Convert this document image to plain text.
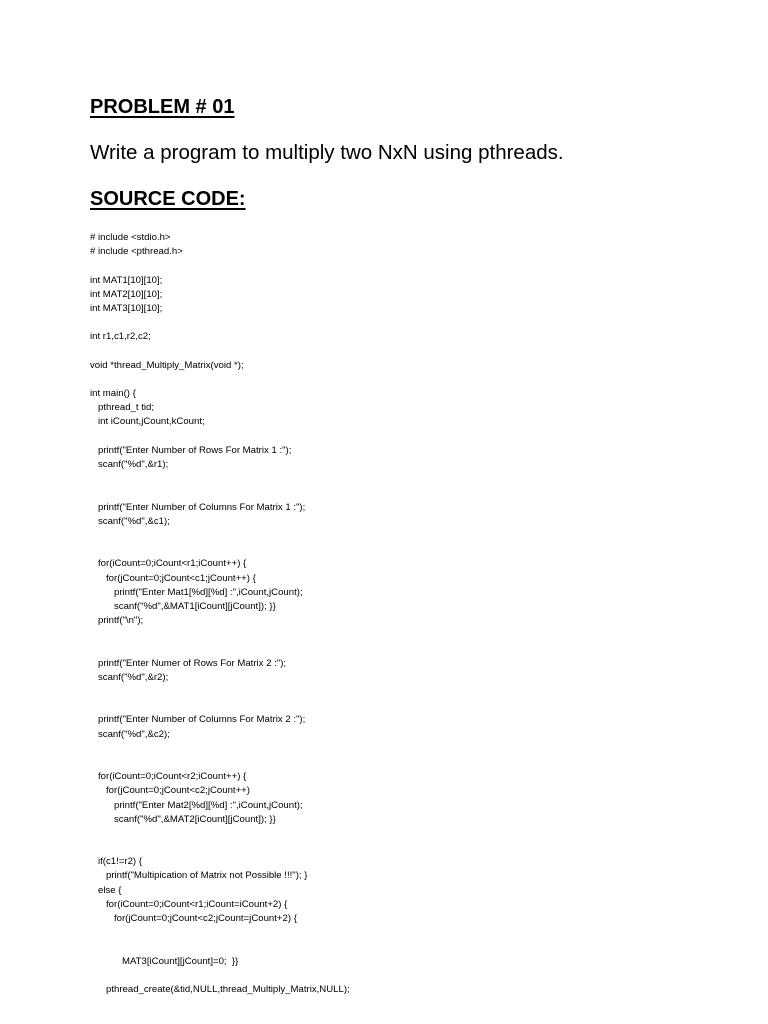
PROBLEM # 01
Write a program to multiply two NxN using pthreads.
SOURCE CODE:
# include <stdio.h>
# include <pthread.h>
int MAT1[10][10];
int MAT2[10][10];
int MAT3[10][10];
int r1,c1,r2,c2;
void *thread_Multiply_Matrix(void *);
int main() {
pthread_t tid;
int iCount,jCount,kCount;
printf("Enter Number of Rows For Matrix 1 :");
scanf("%d",&r1);
printf("Enter Number of Columns For Matrix 1 :");
scanf("%d",&c1);
for(iCount=0;iCount<r1;iCount++) {
for(jCount=0;jCount<c1;jCount++) {
printf("Enter Mat1[%d][%d] :",iCount,jCount);
scanf("%d",&MAT1[iCount][jCount]); }}
printf("\n");
printf("Enter Numer of Rows For Matrix 2 :");
scanf("%d",&r2);
printf("Enter Number of Columns For Matrix 2 :");
scanf("%d",&c2);
for(iCount=0;iCount<r2;iCount++) {
for(jCount=0;jCount<c2;jCount++)
printf("Enter Mat2[%d][%d] :",iCount,jCount);
scanf("%d",&MAT2[iCount][jCount]); }}
if(c1!=r2) {
printf("Multipication of Matrix not Possible !!!"); }
else {
for(iCount=0;iCount<r1;iCount=iCount+2) {
for(jCount=0;jCount<c2;jCount=jCount+2) {
MAT3[iCount][jCount]=0;  }}
pthread_create(&tid,NULL,thread_Multiply_Matrix,NULL);
